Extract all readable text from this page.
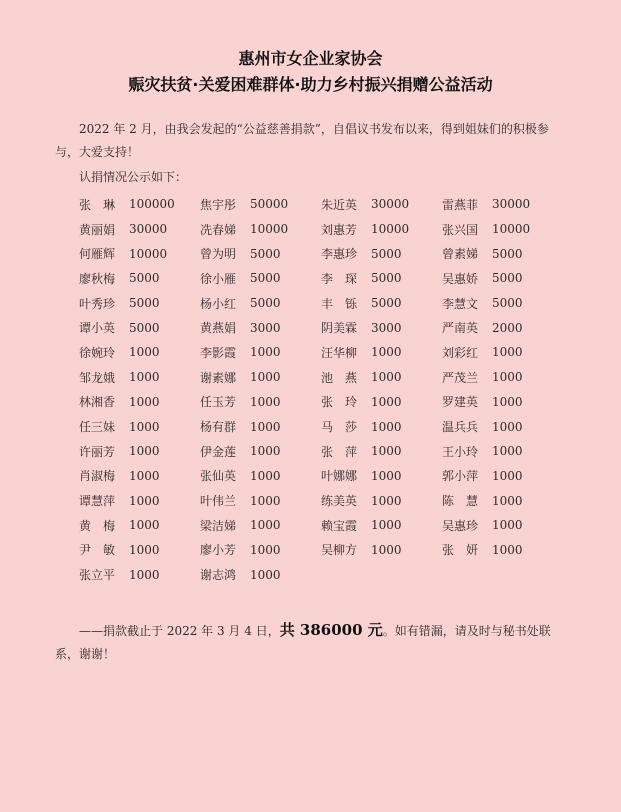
惠州市女企业家协会
赈灾扶贫·关爱困难群体·助力乡村振兴捐赠公益活动
2022 年 2 月，由我会发起的“公益慈善捐款”，自倡议书发布以来，得到姐妹们的积极参与，大爱支持！
认捐情况公示如下：
张　琳	100000 焦宇彤	50000	朱近英	30000	雷燕菲	30000
黄丽娟	30000	冼春娣	10000	刘惠芳	10000	张兴国	10000
何雁辉	10000	曾为明	5000	李惠珍	5000	曾素娣	5000
廖秋梅	5000	徐小雁	5000	李　琛	5000	吴惠娇	5000
叶秀珍	5000	杨小红	5000	丰　铄	5000	李慧文	5000
谭小英	5000	黄燕娟	3000	阴美霖	3000	严南英	2000
徐婉玲	1000	李影霞	1000	汪华柳	1000	刘彩红	1000
邹龙娥	1000	谢素娜	1000	池　燕	1000	严茂兰	1000
林湘香	1000	任玉芳	1000	张　玲	1000	罗建英	1000
任三妹	1000	杨有群	1000	马　莎	1000	温兵兵	1000
许丽芳	1000	伊金莲	1000	张　萍	1000	王小玲	1000
肖淑梅	1000	张仙英	1000	叶娜娜	1000	郭小萍	1000
谭慧萍	1000	叶伟兰	1000	练美英	1000	陈　慧	1000
黄　梅	1000	梁洁娣	1000	赖宝霞	1000	吴惠珍	1000
尹　敏	1000	廖小芳	1000	吴柳方	1000	张　妍	1000
张立平	1000	谢志鸿	1000
——捐款截止于 2022 年 3 月 4 日，共 386000 元。如有错漏，请及时与秘书处联系，谢谢！
